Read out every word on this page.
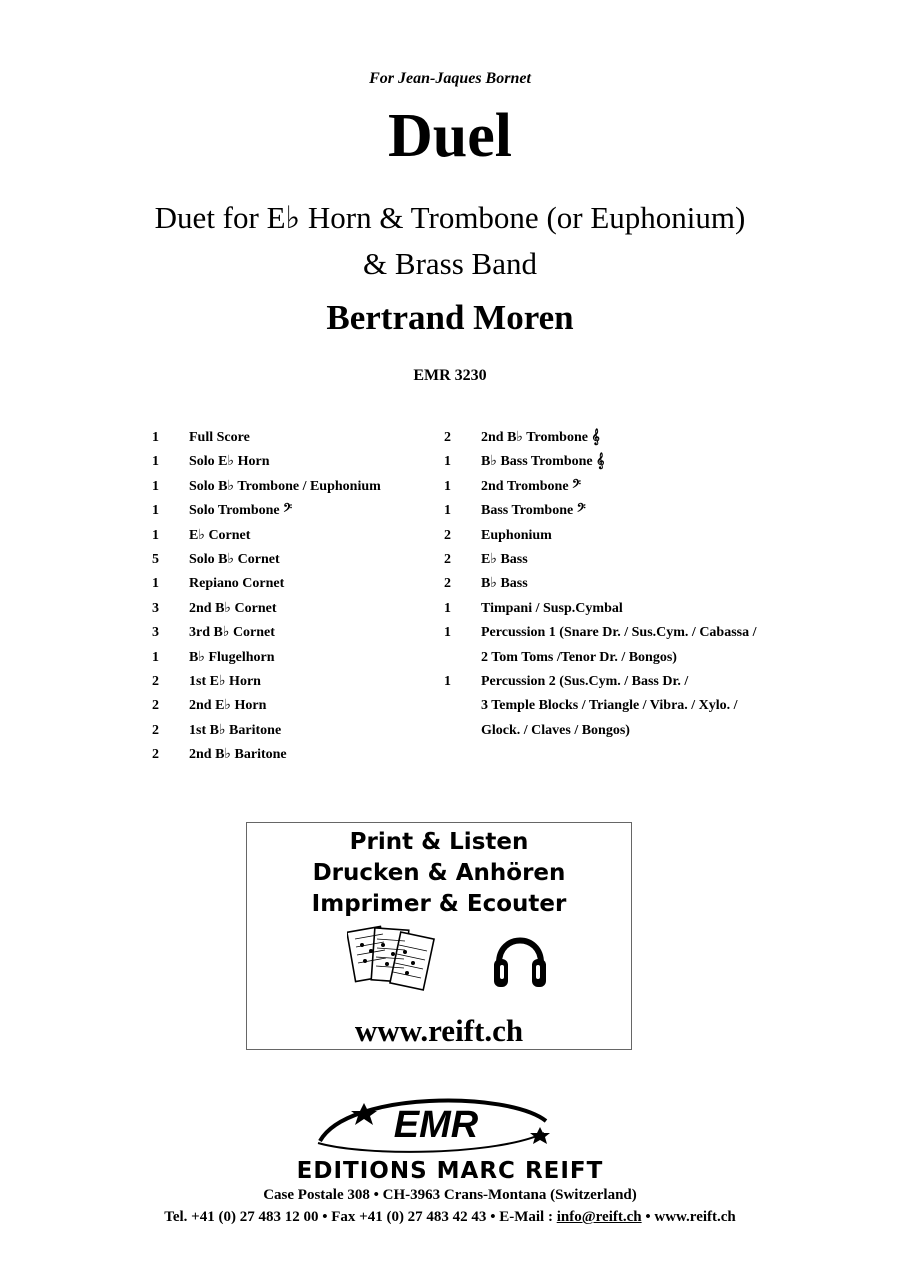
For Jean-Jaques Bornet
Duel
Duet for E♭ Horn & Trombone (or Euphonium)
& Brass Band
Bertrand Moren
EMR 3230
1	Full Score
1	Solo E♭ Horn
1	Solo B♭ Trombone / Euphonium
1	Solo Trombone 𝄢
1	E♭ Cornet
5	Solo B♭ Cornet
1	Repiano Cornet
3	2nd B♭ Cornet
3	3rd B♭ Cornet
1	B♭ Flugelhorn
2	1st E♭ Horn
2	2nd E♭ Horn
2	1st B♭ Baritone
2	2nd B♭ Baritone
2	2nd B♭ Trombone 𝄞
1	B♭ Bass Trombone 𝄞
1	2nd Trombone 𝄢
1	Bass Trombone 𝄢
2	Euphonium
2	E♭ Bass
2	B♭ Bass
1	Timpani / Susp.Cymbal
1	Percussion 1 (Snare Dr. / Sus.Cym. / Cabassa /
2 Tom Toms /Tenor Dr. / Bongos)
1	Percussion 2 (Sus.Cym. / Bass Dr. /
3 Temple Blocks / Triangle / Vibra. / Xylo. /
Glock. / Claves / Bongos)
Print & Listen
Drucken & Anhören
Imprimer & Ecouter
www.reift.ch
EMR
EDITIONS MARC REIFT
Case Postale 308 • CH-3963 Crans-Montana (Switzerland)
Tel. +41 (0) 27 483 12 00 • Fax +41 (0) 27 483 42 43 • E-Mail : info@reift.ch • www.reift.ch
